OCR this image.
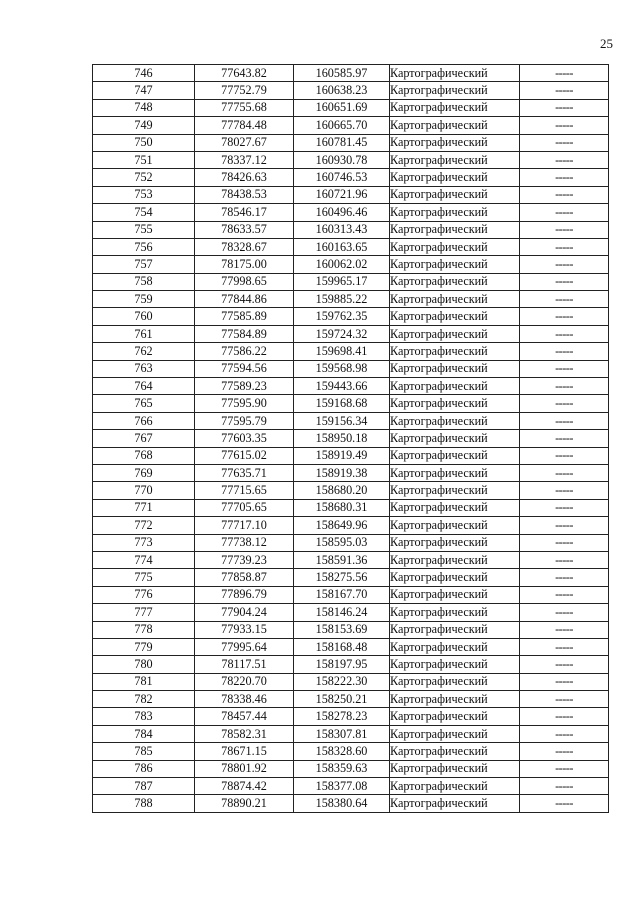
25
746	77643.82	160585.97	Картографический	-----
747	77752.79	160638.23	Картографический	-----
748	77755.68	160651.69	Картографический	-----
749	77784.48	160665.70	Картографический	-----
750	78027.67	160781.45	Картографический	-----
751	78337.12	160930.78	Картографический	-----
752	78426.63	160746.53	Картографический	-----
753	78438.53	160721.96	Картографический	-----
754	78546.17	160496.46	Картографический	-----
755	78633.57	160313.43	Картографический	-----
756	78328.67	160163.65	Картографический	-----
757	78175.00	160062.02	Картографический	-----
758	77998.65	159965.17	Картографический	-----
759	77844.86	159885.22	Картографический	-----
760	77585.89	159762.35	Картографический	-----
761	77584.89	159724.32	Картографический	-----
762	77586.22	159698.41	Картографический	-----
763	77594.56	159568.98	Картографический	-----
764	77589.23	159443.66	Картографический	-----
765	77595.90	159168.68	Картографический	-----
766	77595.79	159156.34	Картографический	-----
767	77603.35	158950.18	Картографический	-----
768	77615.02	158919.49	Картографический	-----
769	77635.71	158919.38	Картографический	-----
770	77715.65	158680.20	Картографический	-----
771	77705.65	158680.31	Картографический	-----
772	77717.10	158649.96	Картографический	-----
773	77738.12	158595.03	Картографический	-----
774	77739.23	158591.36	Картографический	-----
775	77858.87	158275.56	Картографический	-----
776	77896.79	158167.70	Картографический	-----
777	77904.24	158146.24	Картографический	-----
778	77933.15	158153.69	Картографический	-----
779	77995.64	158168.48	Картографический	-----
780	78117.51	158197.95	Картографический	-----
781	78220.70	158222.30	Картографический	-----
782	78338.46	158250.21	Картографический	-----
783	78457.44	158278.23	Картографический	-----
784	78582.31	158307.81	Картографический	-----
785	78671.15	158328.60	Картографический	-----
786	78801.92	158359.63	Картографический	-----
787	78874.42	158377.08	Картографический	-----
788	78890.21	158380.64	Картографический	-----
